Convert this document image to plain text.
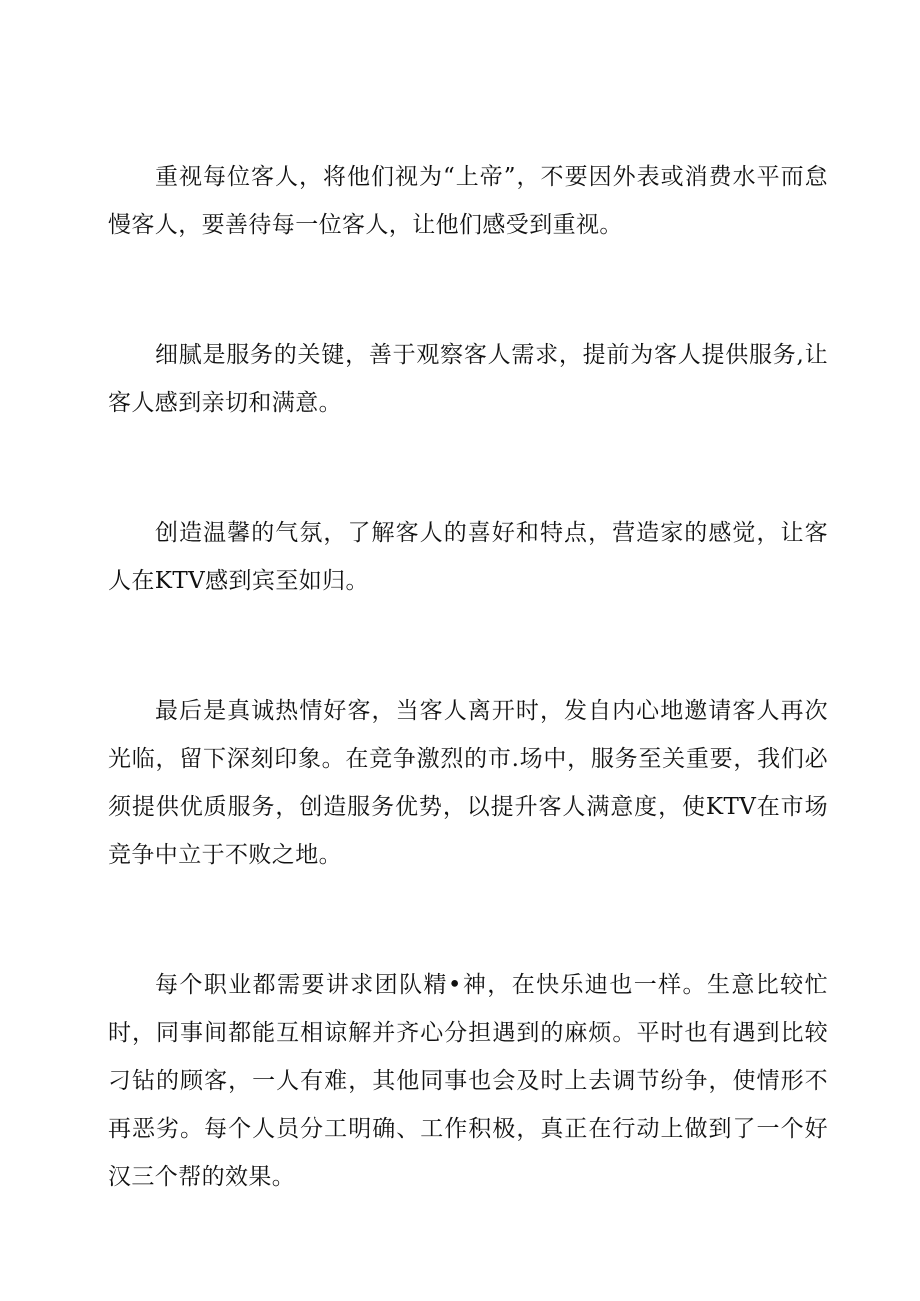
重视每位客人，将他们视为“上帝”，不要因外表或消费水平而怠慢客人，要善待每一位客人，让他们感受到重视。

细腻是服务的关键，善于观察客人需求，提前为客人提供服务,让客人感到亲切和满意。

创造温馨的气氛，了解客人的喜好和特点，营造家的感觉，让客人在KTV感到宾至如归。

最后是真诚热情好客，当客人离开时，发自内心地邀请客人再次光临，留下深刻印象。在竞争激烈的市.场中，服务至关重要，我们必须提供优质服务，创造服务优势，以提升客人满意度，使KTV在市场竞争中立于不败之地。

每个职业都需要讲求团队精•神，在快乐迪也一样。生意比较忙时，同事间都能互相谅解并齐心分担遇到的麻烦。平时也有遇到比较刁钻的顾客，一人有难，其他同事也会及时上去调节纷争，使情形不再恶劣。每个人员分工明确、工作积极，真正在行动上做到了一个好汉三个帮的效果。
